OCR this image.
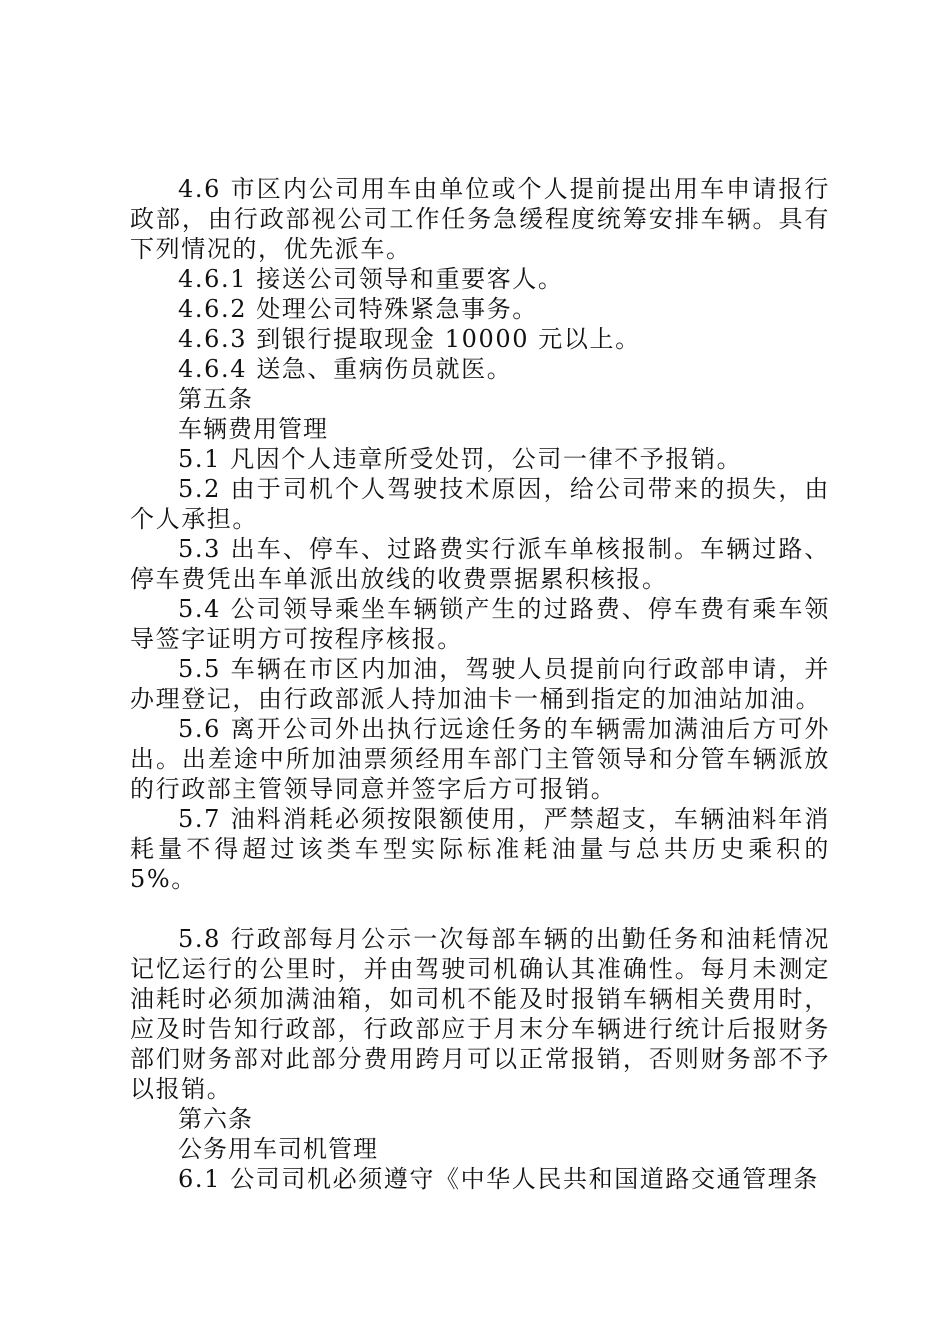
4.6 市区内公司用车由单位或个人提前提出用车申请报行政部，由行政部视公司工作任务急缓程度统筹安排车辆。具有下列情况的，优先派车。

4.6.1 接送公司领导和重要客人。

4.6.2 处理公司特殊紧急事务。

4.6.3 到银行提取现金 10000 元以上。

4.6.4 送急、重病伤员就医。

第五条

车辆费用管理

5.1 凡因个人违章所受处罚，公司一律不予报销。

5.2 由于司机个人驾驶技术原因，给公司带来的损失，由个人承担。

5.3 出车、停车、过路费实行派车单核报制。车辆过路、停车费凭出车单派出放线的收费票据累积核报。

5.4 公司领导乘坐车辆锁产生的过路费、停车费有乘车领导签字证明方可按程序核报。

5.5 车辆在市区内加油，驾驶人员提前向行政部申请，并办理登记，由行政部派人持加油卡一桶到指定的加油站加油。

5.6 离开公司外出执行远途任务的车辆需加满油后方可外出。出差途中所加油票须经用车部门主管领导和分管车辆派放的行政部主管领导同意并签字后方可报销。

5.7 油料消耗必须按限额使用，严禁超支，车辆油料年消耗量不得超过该类车型实际标准耗油量与总共历史乘积的 5%。

5.8 行政部每月公示一次每部车辆的出勤任务和油耗情况记忆运行的公里时，并由驾驶司机确认其准确性。每月未测定油耗时必须加满油箱，如司机不能及时报销车辆相关费用时，应及时告知行政部，行政部应于月末分车辆进行统计后报财务部们财务部对此部分费用跨月可以正常报销，否则财务部不予以报销。

第六条

公务用车司机管理

6.1 公司司机必须遵守《中华人民共和国道路交通管理条
